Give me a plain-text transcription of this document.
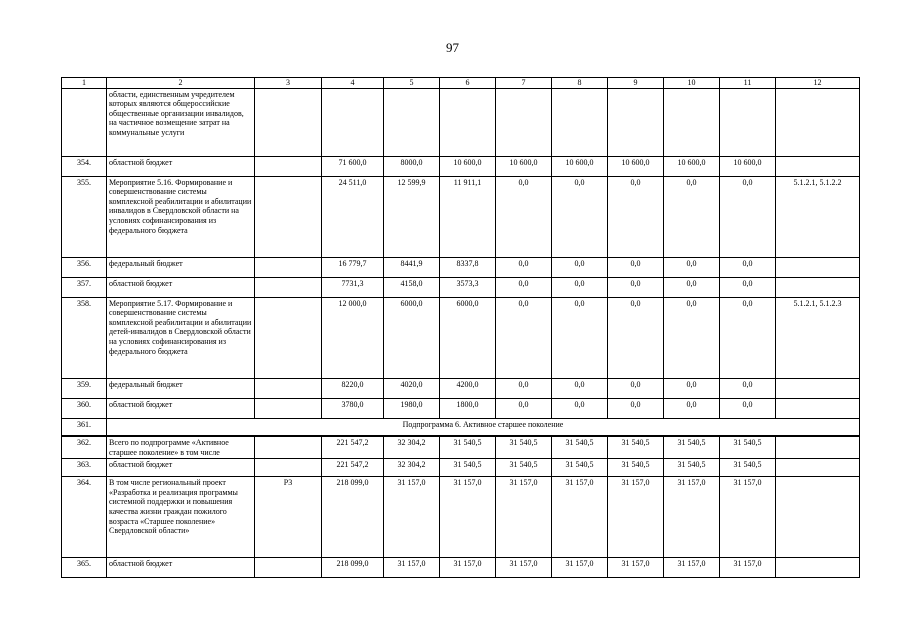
97
1	2	3	4	5	6	7	8	9	10	11	12
	области, единственным учредителем которых являются общероссийские общественные организации инвалидов, на частичное возмещение затрат на коммунальные услуги										
354.	областной бюджет		71 600,0	8000,0	10 600,0	10 600,0	10 600,0	10 600,0	10 600,0	10 600,0	
355.	Мероприятие 5.16. Формирование и совершенствование системы комплексной реабилитации и абилитации инвалидов в Свердловской области на условиях софинансирования из федерального бюджета		24 511,0	12 599,9	11 911,1	0,0	0,0	0,0	0,0	0,0	5.1.2.1, 5.1.2.2
356.	федеральный бюджет		16 779,7	8441,9	8337,8	0,0	0,0	0,0	0,0	0,0	
357.	областной бюджет		7731,3	4158,0	3573,3	0,0	0,0	0,0	0,0	0,0	
358.	Мероприятие 5.17. Формирование и совершенствование системы комплексной реабилитации и абилитации детей-инвалидов в Свердловской области на условиях софинансирования из федерального бюджета		12 000,0	6000,0	6000,0	0,0	0,0	0,0	0,0	0,0	5.1.2.1, 5.1.2.3
359.	федеральный бюджет		8220,0	4020,0	4200,0	0,0	0,0	0,0	0,0	0,0	
360.	областной бюджет		3780,0	1980,0	1800,0	0,0	0,0	0,0	0,0	0,0	
361.	Подпрограмма 6. Активное старшее поколение										
362.	Всего по подпрограмме «Активное старшее поколение» в том числе		221 547,2	32 304,2	31 540,5	31 540,5	31 540,5	31 540,5	31 540,5	31 540,5	
363.	областной бюджет		221 547,2	32 304,2	31 540,5	31 540,5	31 540,5	31 540,5	31 540,5	31 540,5	
364.	В том числе региональный проект «Разработка и реализация программы системной поддержки и повышения качества жизни граждан пожилого возраста «Старшее поколение» Свердловской области»	Р3	218 099,0	31 157,0	31 157,0	31 157,0	31 157,0	31 157,0	31 157,0	31 157,0	
365.	областной бюджет		218 099,0	31 157,0	31 157,0	31 157,0	31 157,0	31 157,0	31 157,0	31 157,0	
